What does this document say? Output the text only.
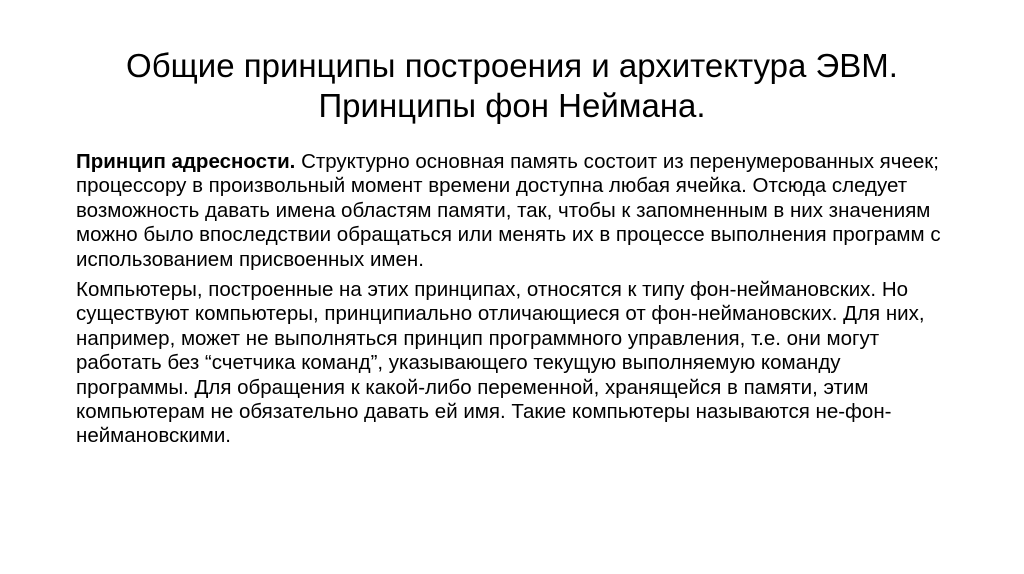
Общие принципы построения и архитектура ЭВМ.
Принципы фон Неймана.

Принцип адресности. Структурно основная память состоит из перенумерованных ячеек; процессору в произвольный момент времени доступна любая ячейка. Отсюда следует возможность давать имена областям памяти, так, чтобы к запомненным в них значениям можно было впоследствии обращаться или менять их в процессе выполнения программ с использованием присвоенных имен.

Компьютеры, построенные на этих принципах, относятся к типу фон-неймановских. Но существуют компьютеры, принципиально отличающиеся от фон-неймановских. Для них, например, может не выполняться принцип программного управления, т.е. они могут работать без “счетчика команд”, указывающего текущую выполняемую команду программы. Для обращения к какой-либо переменной, хранящейся в памяти, этим компьютерам не обязательно давать ей имя. Такие компьютеры называются не-фон-неймановскими.
